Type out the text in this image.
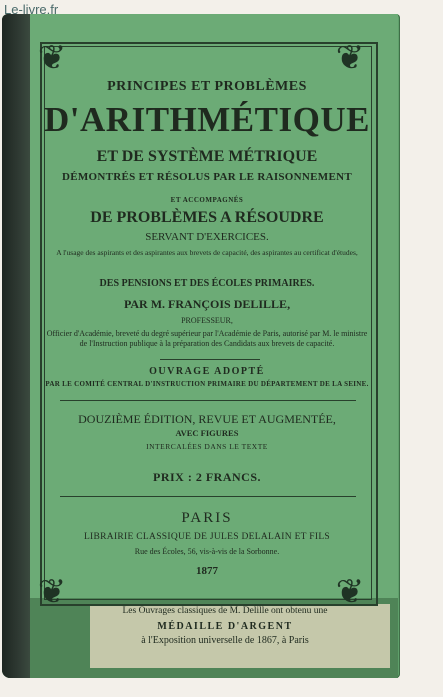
Le-livre.fr
❦	❦
❦	❦
PRINCIPES ET PROBLÈMES
D'ARITHMÉTIQUE
ET DE SYSTÈME MÉTRIQUE
DÉMONTRÉS ET RÉSOLUS PAR LE RAISONNEMENT
ET ACCOMPAGNÉS
DE PROBLÈMES A RÉSOUDRE
SERVANT D'EXERCICES.
A l'usage des aspirants et des aspirantes aux brevets de capacité, des aspirantes au certificat d'études,
DES PENSIONS ET DES ÉCOLES PRIMAIRES.
PAR M. FRANÇOIS DELILLE,
PROFESSEUR,
Officier d'Académie, breveté du degré supérieur par l'Académie de Paris, autorisé par M. le ministre de l'Instruction publique à la préparation des Candidats aux brevets de capacité.
OUVRAGE ADOPTÉ
PAR LE COMITÉ CENTRAL D'INSTRUCTION PRIMAIRE DU DÉPARTEMENT DE LA SEINE.
DOUZIÈME ÉDITION, REVUE ET AUGMENTÉE,
AVEC FIGURES
INTERCALÉES DANS LE TEXTE
PRIX : 2 FRANCS.
PARIS
LIBRAIRIE CLASSIQUE DE JULES DELALAIN ET FILS
Rue des Écoles, 56, vis-à-vis de la Sorbonne.
1877
Les Ouvrages classiques de M. Delille ont obtenu une
MÉDAILLE D'ARGENT
à l'Exposition universelle de 1867, à Paris
